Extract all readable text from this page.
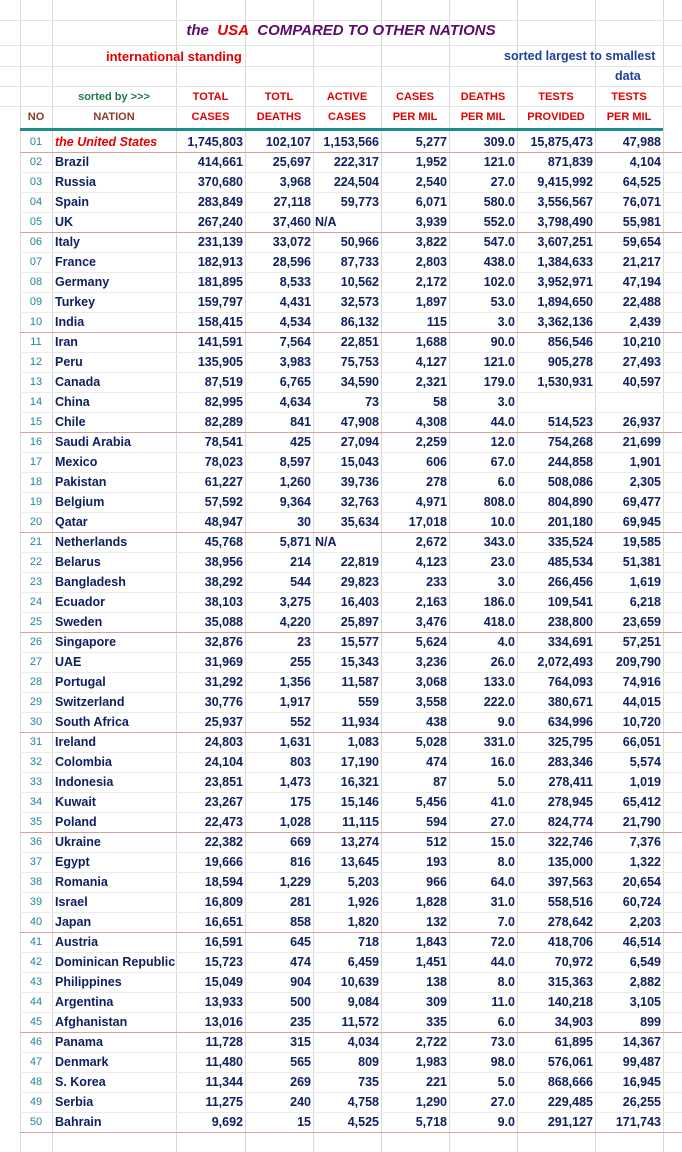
the USA COMPARED TO OTHER NATIONS
international standing	sorted largest to smallest
data
sorted by >>>	TOTAL	TOTL	ACTIVE	CASES	DEATHS	TESTS	TESTS
NO	NATION	CASES	DEATHS	CASES	PER MIL	PER MIL	PROVIDED	PER MIL
01	the United States	1,745,803	102,107 1,153,566	5,277	309.0	15,875,473	47,988
02	Brazil	414,661	25,697	222,317	1,952	121.0	871,839	4,104
03	Russia	370,680	3,968	224,504	2,540	27.0	9,415,992	64,525
04	Spain	283,849	27,118	59,773	6,071	580.0	3,556,567	76,071
05	UK	267,240	37,460 N/A	3,939	552.0	3,798,490	55,981
06	Italy	231,139	33,072	50,966	3,822	547.0	3,607,251	59,654
07	France	182,913	28,596	87,733	2,803	438.0	1,384,633	21,217
08	Germany	181,895	8,533	10,562	2,172	102.0	3,952,971	47,194
09	Turkey	159,797	4,431	32,573	1,897	53.0	1,894,650	22,488
10	India	158,415	4,534	86,132	115	3.0	3,362,136	2,439
11	Iran	141,591	7,564	22,851	1,688	90.0	856,546	10,210
12	Peru	135,905	3,983	75,753	4,127	121.0	905,278	27,493
13	Canada	87,519	6,765	34,590	2,321	179.0	1,530,931	40,597
14	China	82,995	4,634	73	58	3.0
15	Chile	82,289	841	47,908	4,308	44.0	514,523	26,937
16	Saudi Arabia	78,541	425	27,094	2,259	12.0	754,268	21,699
17	Mexico	78,023	8,597	15,043	606	67.0	244,858	1,901
18	Pakistan	61,227	1,260	39,736	278	6.0	508,086	2,305
19	Belgium	57,592	9,364	32,763	4,971	808.0	804,890	69,477
20	Qatar	48,947	30	35,634	17,018	10.0	201,180	69,945
21	Netherlands	45,768	5,871 N/A	2,672	343.0	335,524	19,585
22	Belarus	38,956	214	22,819	4,123	23.0	485,534	51,381
23	Bangladesh	38,292	544	29,823	233	3.0	266,456	1,619
24	Ecuador	38,103	3,275	16,403	2,163	186.0	109,541	6,218
25	Sweden	35,088	4,220	25,897	3,476	418.0	238,800	23,659
26	Singapore	32,876	23	15,577	5,624	4.0	334,691	57,251
27	UAE	31,969	255	15,343	3,236	26.0	2,072,493	209,790
28	Portugal	31,292	1,356	11,587	3,068	133.0	764,093	74,916
29	Switzerland	30,776	1,917	559	3,558	222.0	380,671	44,015
30	South Africa	25,937	552	11,934	438	9.0	634,996	10,720
31	Ireland	24,803	1,631	1,083	5,028	331.0	325,795	66,051
32	Colombia	24,104	803	17,190	474	16.0	283,346	5,574
33	Indonesia	23,851	1,473	16,321	87	5.0	278,411	1,019
34	Kuwait	23,267	175	15,146	5,456	41.0	278,945	65,412
35	Poland	22,473	1,028	11,115	594	27.0	824,774	21,790
36	Ukraine	22,382	669	13,274	512	15.0	322,746	7,376
37	Egypt	19,666	816	13,645	193	8.0	135,000	1,322
38	Romania	18,594	1,229	5,203	966	64.0	397,563	20,654
39	Israel	16,809	281	1,926	1,828	31.0	558,516	60,724
40	Japan	16,651	858	1,820	132	7.0	278,642	2,203
41	Austria	16,591	645	718	1,843	72.0	418,706	46,514
42	Dominican Republic	15,723	474	6,459	1,451	44.0	70,972	6,549
43	Philippines	15,049	904	10,639	138	8.0	315,363	2,882
44	Argentina	13,933	500	9,084	309	11.0	140,218	3,105
45	Afghanistan	13,016	235	11,572	335	6.0	34,903	899
46	Panama	11,728	315	4,034	2,722	73.0	61,895	14,367
47	Denmark	11,480	565	809	1,983	98.0	576,061	99,487
48	S. Korea	11,344	269	735	221	5.0	868,666	16,945
49	Serbia	11,275	240	4,758	1,290	27.0	229,485	26,255
50	Bahrain	9,692	15	4,525	5,718	9.0	291,127	171,743
